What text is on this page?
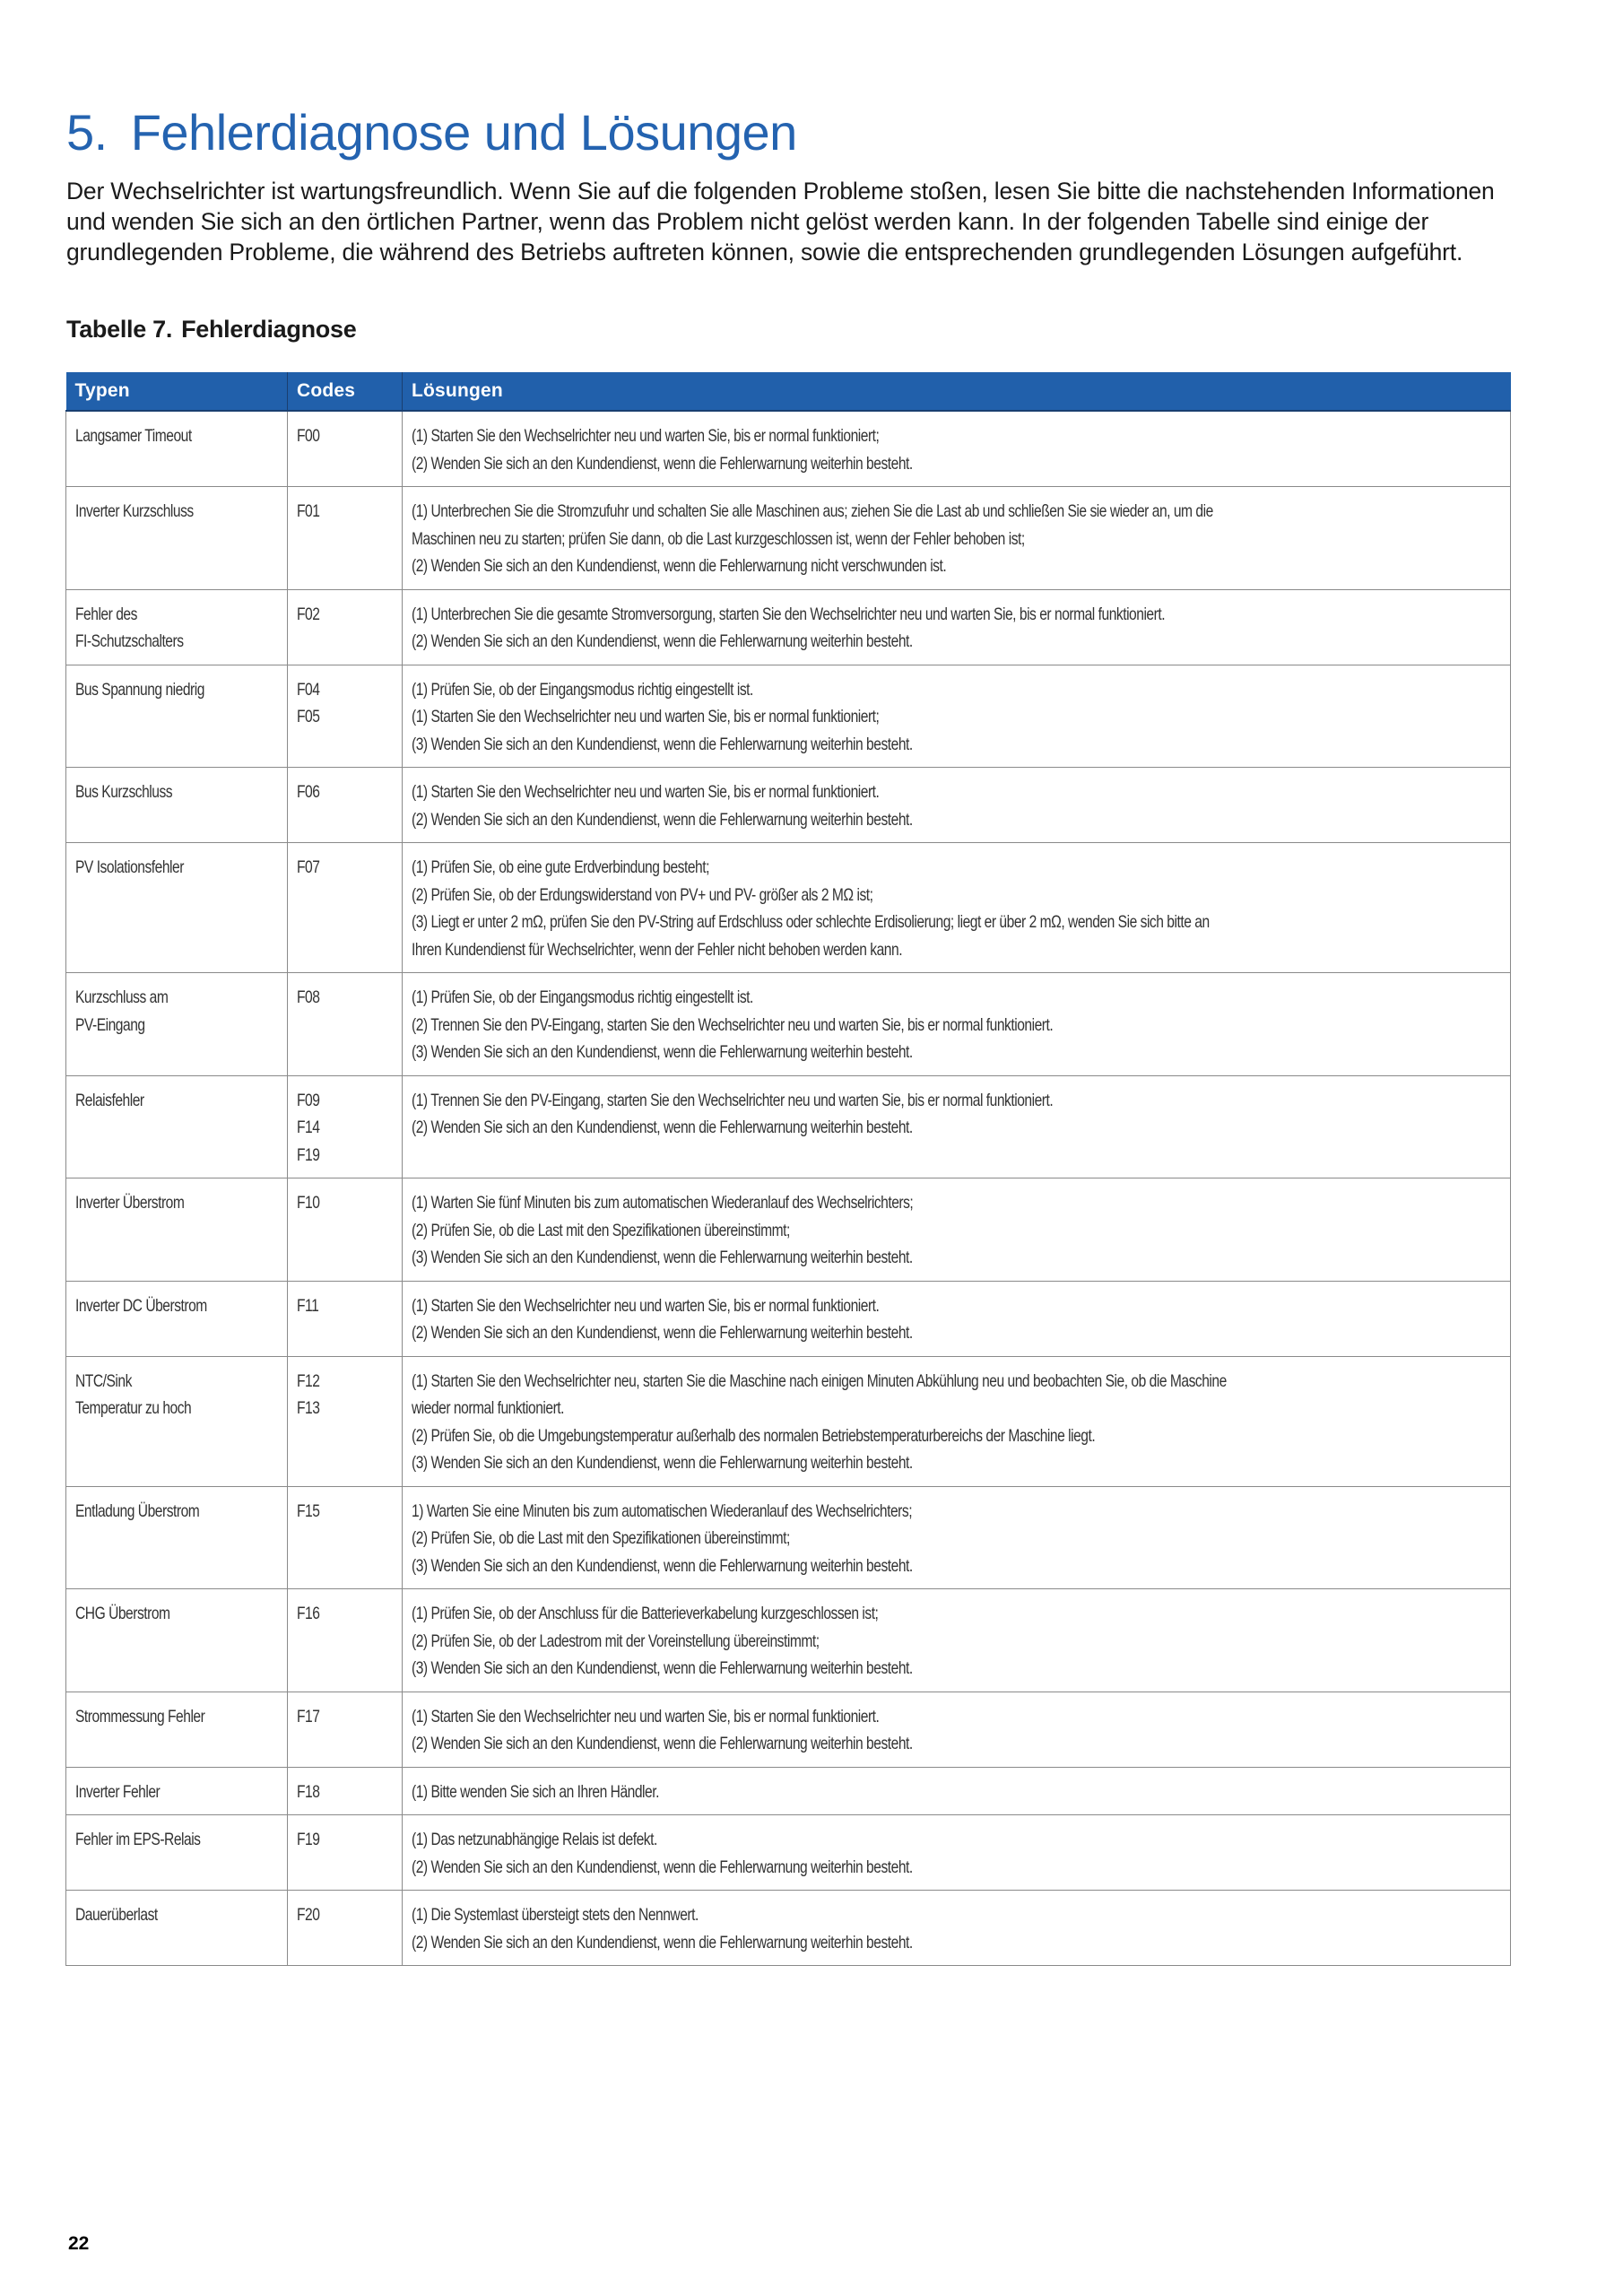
5. Fehlerdiagnose und Lösungen

Der Wechselrichter ist wartungsfreundlich. Wenn Sie auf die folgenden Probleme stoßen, lesen Sie bitte die nachstehenden Informationen und wenden Sie sich an den örtlichen Partner, wenn das Problem nicht gelöst werden kann. In der folgenden Tabelle sind einige der grundlegenden Probleme, die während des Betriebs auftreten können, sowie die entsprechenden grundlegenden Lösungen aufgeführt.

Tabelle 7. Fehlerdiagnose

Typen	Codes	Lösungen

Langsamer Timeout	F00	(1) Starten Sie den Wechselrichter neu und warten Sie, bis er normal funktioniert;
(2) Wenden Sie sich an den Kundendienst, wenn die Fehlerwarnung weiterhin besteht.

Inverter Kurzschluss	F01	(1) Unterbrechen Sie die Stromzufuhr und schalten Sie alle Maschinen aus; ziehen Sie die Last ab und schließen Sie sie wieder an, um die
Maschinen neu zu starten; prüfen Sie dann, ob die Last kurzgeschlossen ist, wenn der Fehler behoben ist;
(2) Wenden Sie sich an den Kundendienst, wenn die Fehlerwarnung nicht verschwunden ist.

Fehler des
FI-Schutzschalters	F02	(1) Unterbrechen Sie die gesamte Stromversorgung, starten Sie den Wechselrichter neu und warten Sie, bis er normal funktioniert.
(2) Wenden Sie sich an den Kundendienst, wenn die Fehlerwarnung weiterhin besteht.

Bus Spannung niedrig	F04
F05	(1) Prüfen Sie, ob der Eingangsmodus richtig eingestellt ist.
(1) Starten Sie den Wechselrichter neu und warten Sie, bis er normal funktioniert;
(3) Wenden Sie sich an den Kundendienst, wenn die Fehlerwarnung weiterhin besteht.

Bus Kurzschluss	F06	(1) Starten Sie den Wechselrichter neu und warten Sie, bis er normal funktioniert.
(2) Wenden Sie sich an den Kundendienst, wenn die Fehlerwarnung weiterhin besteht.

PV Isolationsfehler	F07	(1) Prüfen Sie, ob eine gute Erdverbindung besteht;
(2) Prüfen Sie, ob der Erdungswiderstand von PV+ und PV- größer als 2 MΩ ist;
(3) Liegt er unter 2 mΩ, prüfen Sie den PV-String auf Erdschluss oder schlechte Erdisolierung; liegt er über 2 mΩ, wenden Sie sich bitte an
Ihren Kundendienst für Wechselrichter, wenn der Fehler nicht behoben werden kann.

Kurzschluss am
PV-Eingang	F08	(1) Prüfen Sie, ob der Eingangsmodus richtig eingestellt ist.
(2) Trennen Sie den PV-Eingang, starten Sie den Wechselrichter neu und warten Sie, bis er normal funktioniert.
(3) Wenden Sie sich an den Kundendienst, wenn die Fehlerwarnung weiterhin besteht.

Relaisfehler	F09
F14
F19	(1) Trennen Sie den PV-Eingang, starten Sie den Wechselrichter neu und warten Sie, bis er normal funktioniert.
(2) Wenden Sie sich an den Kundendienst, wenn die Fehlerwarnung weiterhin besteht.

Inverter Überstrom	F10	(1) Warten Sie fünf Minuten bis zum automatischen Wiederanlauf des Wechselrichters;
(2) Prüfen Sie, ob die Last mit den Spezifikationen übereinstimmt;
(3) Wenden Sie sich an den Kundendienst, wenn die Fehlerwarnung weiterhin besteht.

Inverter DC Überstrom	F11	(1) Starten Sie den Wechselrichter neu und warten Sie, bis er normal funktioniert.
(2) Wenden Sie sich an den Kundendienst, wenn die Fehlerwarnung weiterhin besteht.

NTC/Sink
Temperatur zu hoch	F12
F13	(1) Starten Sie den Wechselrichter neu, starten Sie die Maschine nach einigen Minuten Abkühlung neu und beobachten Sie, ob die Maschine
wieder normal funktioniert.
(2) Prüfen Sie, ob die Umgebungstemperatur außerhalb des normalen Betriebstemperaturbereichs der Maschine liegt.
(3) Wenden Sie sich an den Kundendienst, wenn die Fehlerwarnung weiterhin besteht.

Entladung Überstrom	F15	1) Warten Sie eine Minuten bis zum automatischen Wiederanlauf des Wechselrichters;
(2) Prüfen Sie, ob die Last mit den Spezifikationen übereinstimmt;
(3) Wenden Sie sich an den Kundendienst, wenn die Fehlerwarnung weiterhin besteht.

CHG Überstrom	F16	(1) Prüfen Sie, ob der Anschluss für die Batterieverkabelung kurzgeschlossen ist;
(2) Prüfen Sie, ob der Ladestrom mit der Voreinstellung übereinstimmt;
(3) Wenden Sie sich an den Kundendienst, wenn die Fehlerwarnung weiterhin besteht.

Strommessung Fehler	F17	(1) Starten Sie den Wechselrichter neu und warten Sie, bis er normal funktioniert.
(2) Wenden Sie sich an den Kundendienst, wenn die Fehlerwarnung weiterhin besteht.

Inverter Fehler	F18	(1) Bitte wenden Sie sich an Ihren Händler.

Fehler im EPS-Relais	F19	(1) Das netzunabhängige Relais ist defekt.
(2) Wenden Sie sich an den Kundendienst, wenn die Fehlerwarnung weiterhin besteht.

Dauerüberlast	F20	(1) Die Systemlast übersteigt stets den Nennwert.
(2) Wenden Sie sich an den Kundendienst, wenn die Fehlerwarnung weiterhin besteht.
22
